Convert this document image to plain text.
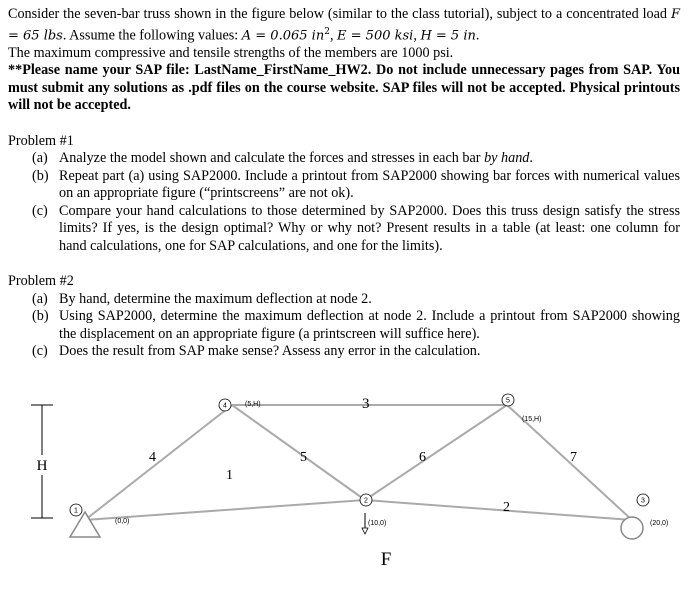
Consider the seven-bar truss shown in the figure below (similar to the class tutorial), subject to a concentrated load F = 65 lbs. Assume the following values: A = 0.065 $in^2$, E = 500 ksi, H = 5 in.
The maximum compressive and tensile strengths of the members are 1000 psi.

**Please name your SAP file: LastName_FirstName_HW2. Do not include unnecessary pages from SAP. You must submit any solutions as .pdf files on the course website. SAP files will not be accepted. Physical printouts will not be accepted.

Problem #1

(a) Analyze the model shown and calculate the forces and stresses in each bar by hand.

(b) Repeat part (a) using SAP2000. Include a printout from SAP2000 showing bar forces with numerical values on an appropriate figure (“printscreens” are not ok).

(c) Compare your hand calculations to those determined by SAP2000. Does this truss design satisfy the stress limits? If yes, is the design optimal? Why or why not? Present results in a table (at least: one column for hand calculations, one for SAP calculations, and one for the limits).

Problem #2

(a) By hand, determine the maximum deflection at node 2.

(b) Using SAP2000, determine the maximum deflection at node 2. Include a printout from SAP2000 showing the displacement on an appropriate figure (a printscreen will suffice here).

(c) Does the result from SAP make sense? Assess any error in the calculation.

H
F
1
2	3
4
5
(0,0)	(10,0)	(20,0)
(5,H)
(15,H)
1
2
3
4	5	6	7
